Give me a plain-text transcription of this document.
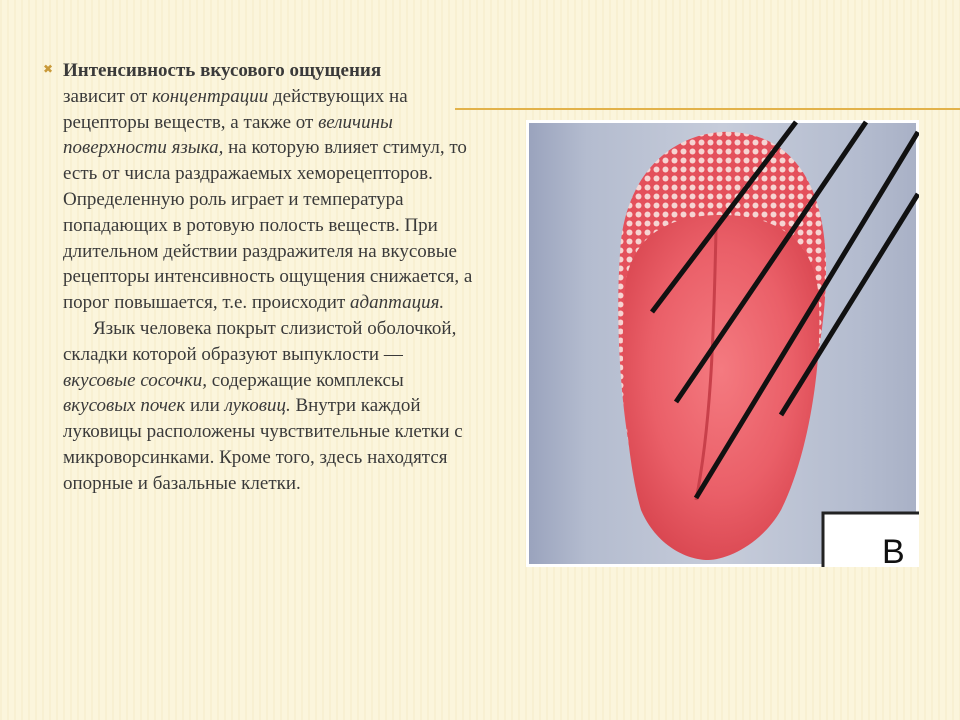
✖ Интенсивность вкусового ощущения
зависит от концентрации действующих на рецепторы веществ, а также от величины поверхности языка, на которую влияет стимул, то есть от числа раздражаемых хеморецепторов. Определенную роль играет и температура попадающих в ротовую полость веществ. При длительном действии раздражителя на вкусовые рецепторы интенсивность ощущения снижается, а порог повышается, т.е. происходит адаптация.

Язык человека покрыт слизистой оболочкой, складки которой образуют выпуклости — вкусовые сосочки, содержащие комплексы вкусовых почек или луковиц. Внутри каждой луковицы расположены чувствительные клетки с микроворсинками. Кроме того, здесь находятся опорные и базальные клетки.

B
